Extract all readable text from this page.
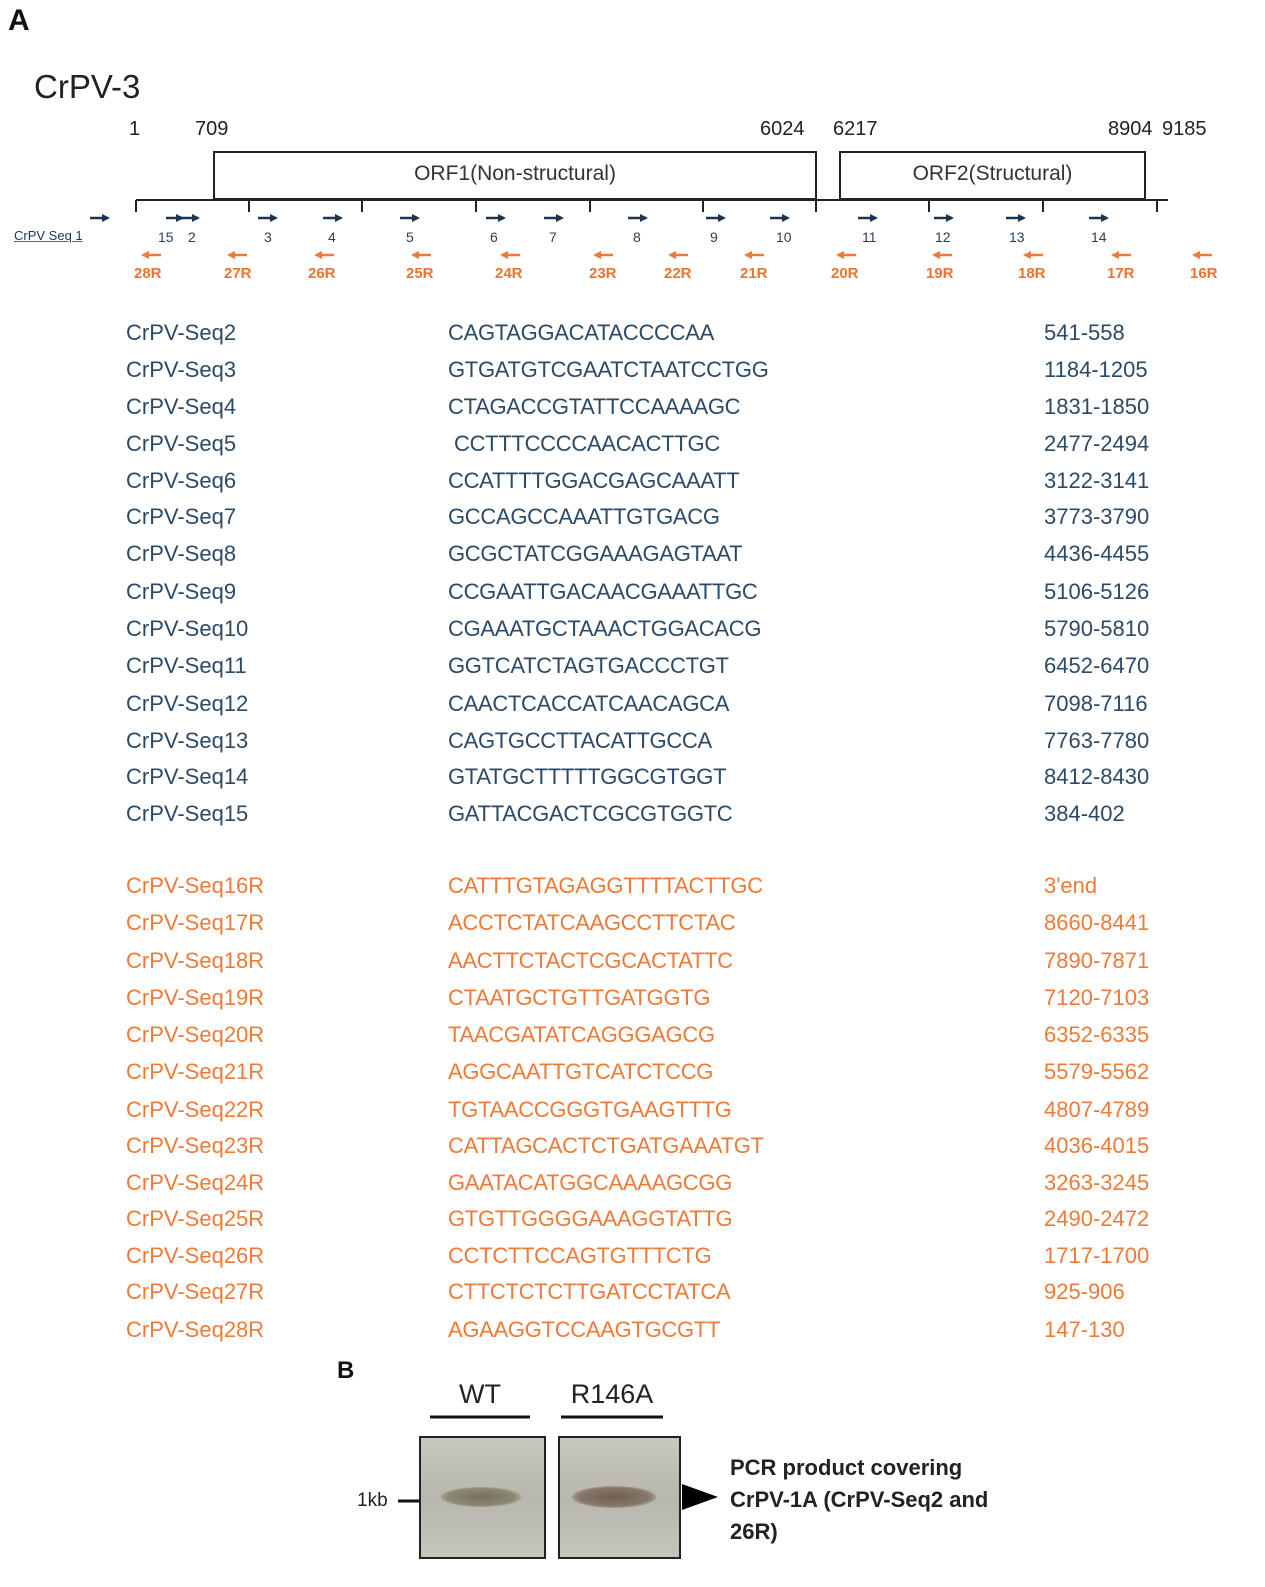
A
CrPV-3
1	709	6024 6217	8904 9185
ORF1(Non-structural)	ORF2(Structural)
CrPV Seq 1	15 2	3	4	5	6	7	8	9	10	11	12	13	14
28R	27R	26R	25R	24R	23R	22R	21R	20R	19R	18R	17R	16R
CrPV-Seq2	CAGTAGGACATACCCCAA	541-558
CrPV-Seq3	GTGATGTCGAATCTAATCCTGG	1184-1205
CrPV-Seq4	CTAGACCGTATTCCAAAAGC	1831-1850
CrPV-Seq5	CCTTTCCCCAACACTTGC	2477-2494
CrPV-Seq6	CCATTTTGGACGAGCAAATT	3122-3141
CrPV-Seq7	GCCAGCCAAATTGTGACG	3773-3790
CrPV-Seq8	GCGCTATCGGAAAGAGTAAT	4436-4455
CrPV-Seq9	CCGAATTGACAACGAAATTGC	5106-5126
CrPV-Seq10	CGAAATGCTAAACTGGACACG	5790-5810
CrPV-Seq11	GGTCATCTAGTGACCCTGT	6452-6470
CrPV-Seq12	CAACTCACCATCAACAGCA	7098-7116
CrPV-Seq13	CAGTGCCTTACATTGCCA	7763-7780
CrPV-Seq14	GTATGCTTTTTGGCGTGGT	8412-8430
CrPV-Seq15	GATTACGACTCGCGTGGTC	384-402
CrPV-Seq16R	CATTTGTAGAGGTTTTACTTGC	3'end
CrPV-Seq17R	ACCTCTATCAAGCCTTCTAC	8660-8441
CrPV-Seq18R	AACTTCTACTCGCACTATTC	7890-7871
CrPV-Seq19R	CTAATGCTGTTGATGGTG	7120-7103
CrPV-Seq20R	TAACGATATCAGGGAGCG	6352-6335
CrPV-Seq21R	AGGCAATTGTCATCTCCG	5579-5562
CrPV-Seq22R	TGTAACCGGGTGAAGTTTG	4807-4789
CrPV-Seq23R	CATTAGCACTCTGATGAAATGT	4036-4015
CrPV-Seq24R	GAATACATGGCAAAAGCGG	3263-3245
CrPV-Seq25R	GTGTTGGGGAAAGGTATTG	2490-2472
CrPV-Seq26R	CCTCTTCCAGTGTTTCTG	1717-1700
CrPV-Seq27R	CTTCTCTCTTGATCCTATCA	925-906
CrPV-Seq28R	AGAAGGTCCAAGTGCGTT	147-130
B
WT	R146A
1kb
PCR product covering CrPV-1A (CrPV-Seq2 and 26R)
